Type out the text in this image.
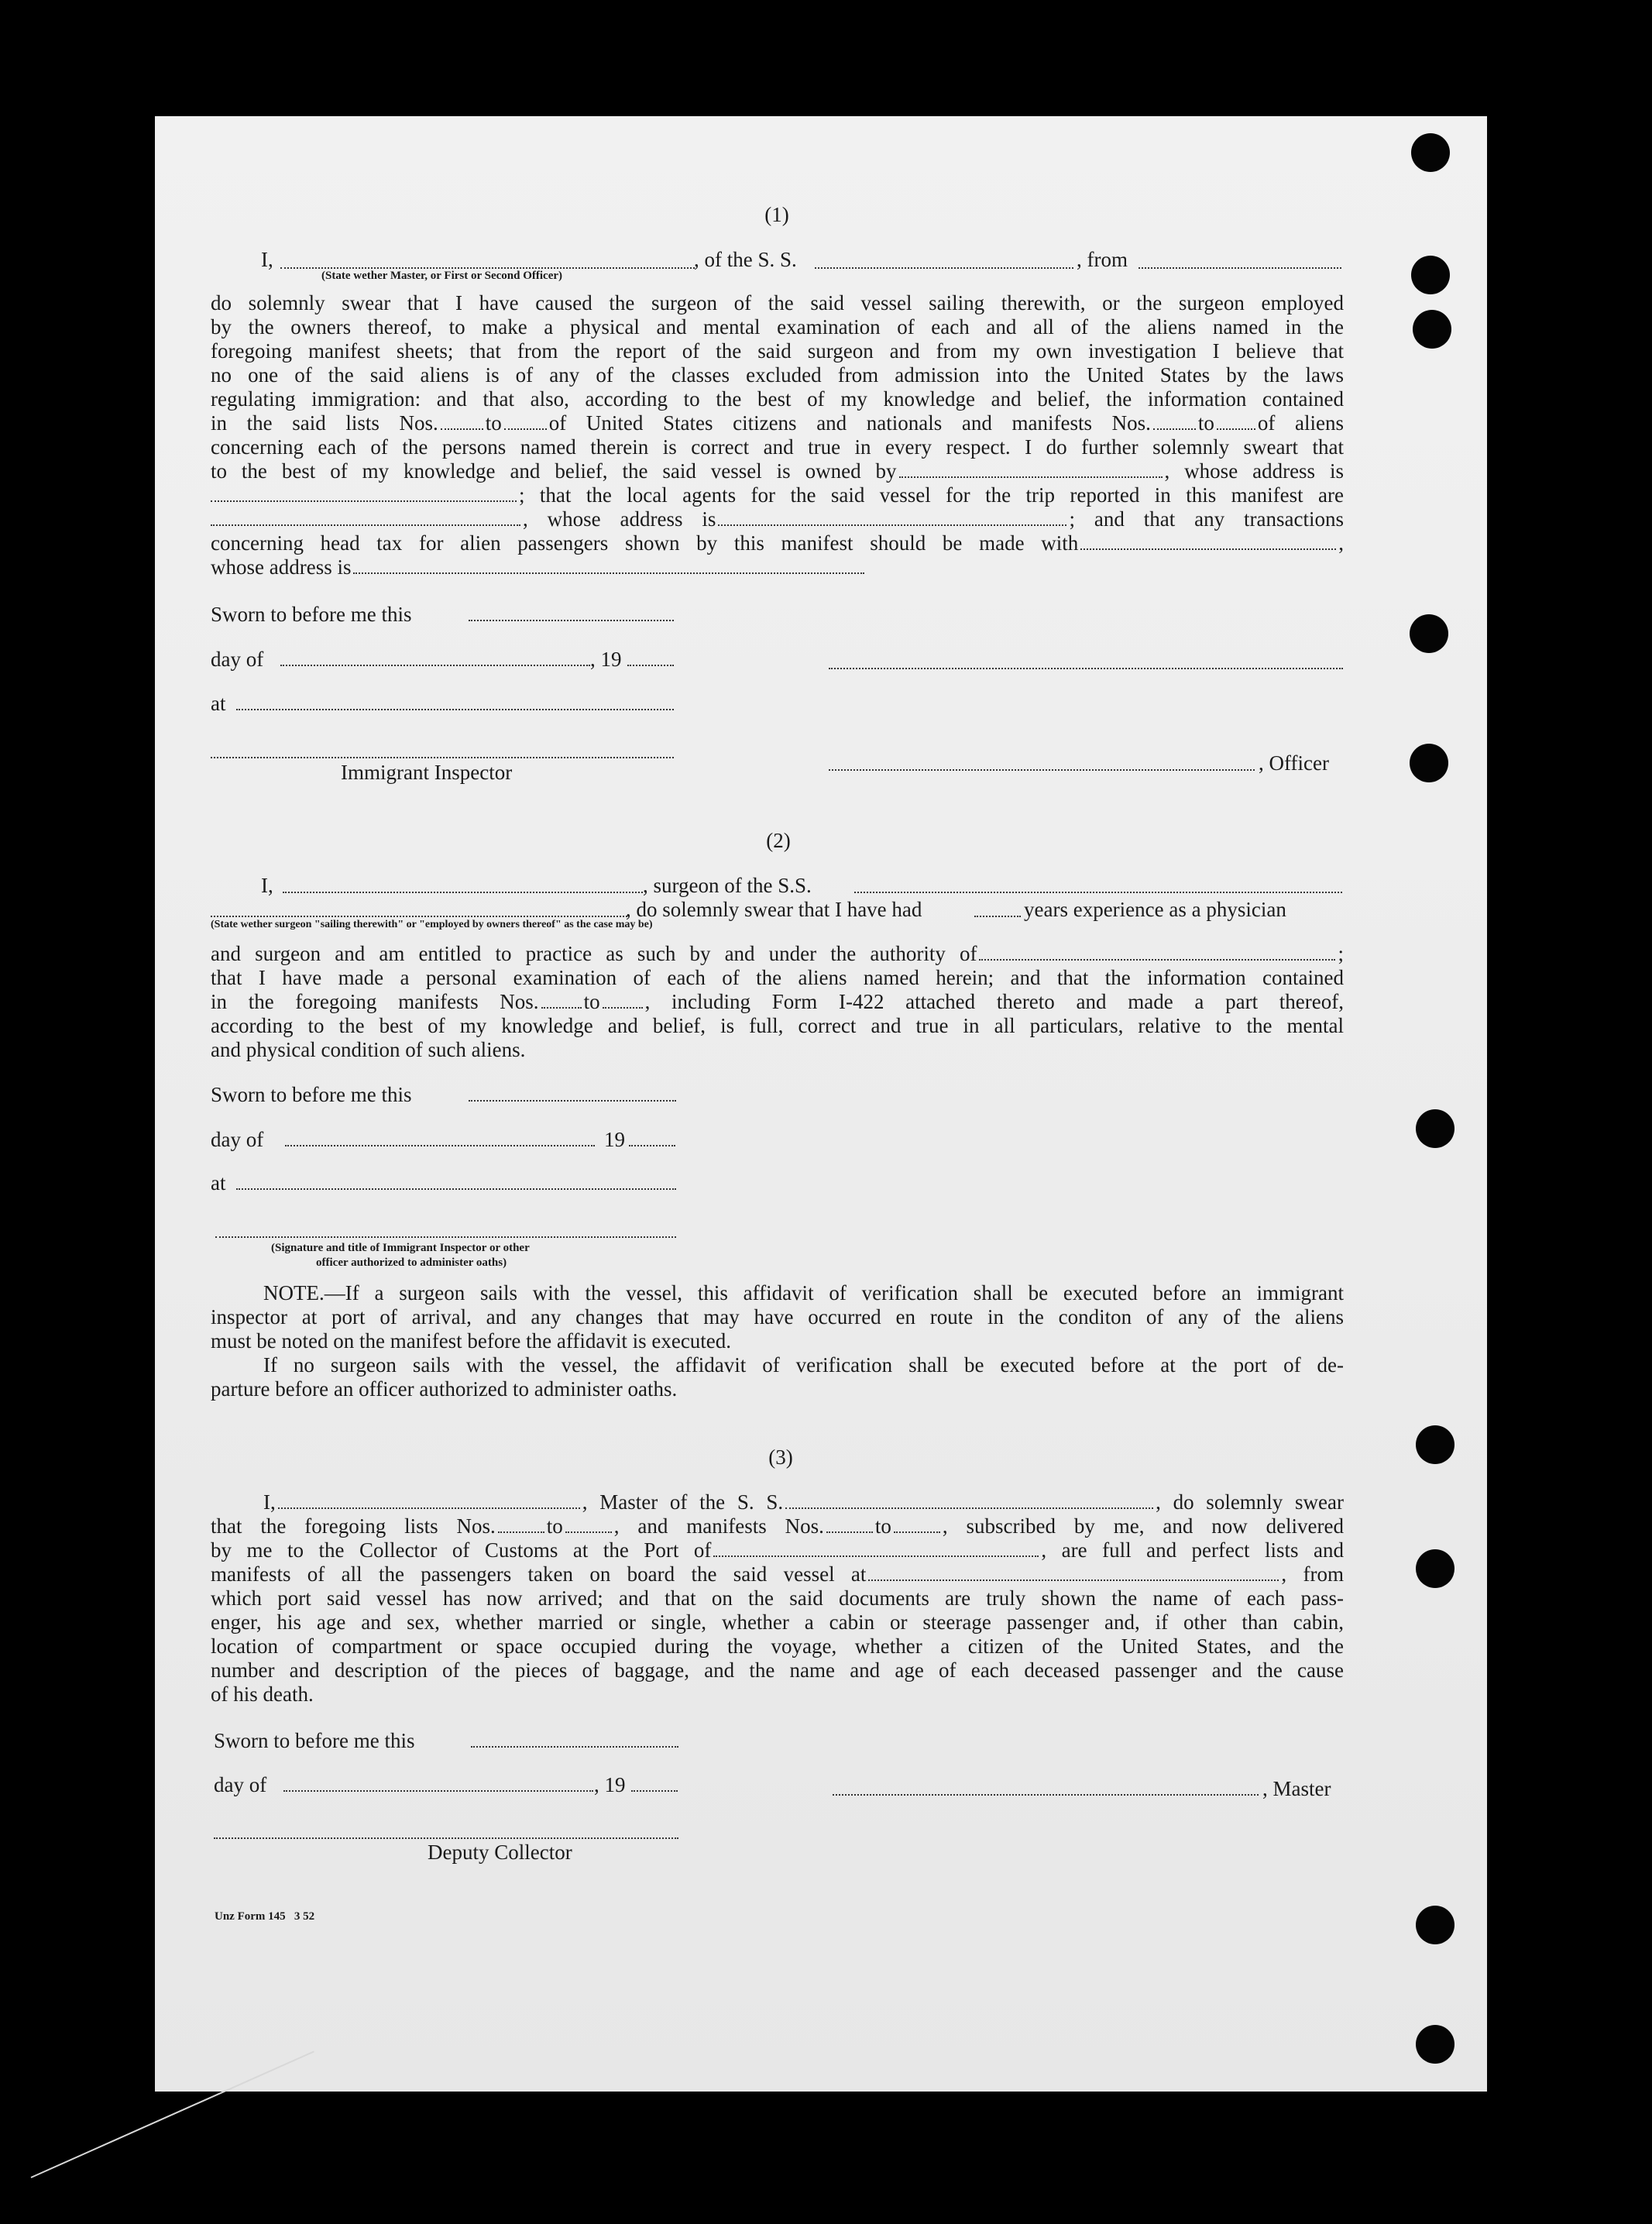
(1)
I,	, of the S. S.	, from
(State wether Master, or First or Second Officer)

do solemnly swear that I have caused the surgeon of the said vessel sailing therewith, or the surgeon employed

by the owners thereof, to make a physical and mental examination of each and all of the aliens named in the

foregoing manifest sheets; that from the report of the said surgeon and from my own investigation I believe that

no one of the said aliens is of any of the classes excluded from admission into the United States by the laws

regulating immigration: and that also, according to the best of my knowledge and belief, the information contained

in the said lists Nos. to of United States citizens and nationals and manifests Nos. to of aliens

concerning each of the persons named therein is correct and true in every respect. I do further solemnly sweart that

to the best of my knowledge and belief, the said vessel is owned by	, whose address is

; that the local agents for the said vessel for the trip reported in this manifest are

, whose address is	; and that any transactions

concerning head tax for alien passengers shown by this manifest should be made with	,

whose address is

Sworn to before me this
day of	, 19
at
Immigrant Inspector	, Officer
(2)
I,	, surgeon of the S.S.
, do solemnly swear that I have had	years experience as a physician
(State wether surgeon "sailing therewith" or "employed by owners thereof" as the case may be)

and surgeon and am entitled to practice as such by and under the authority of	;

that I have made a personal examination of each of the aliens named herein; and that the information contained

in the foregoing manifests Nos. to , including Form I-422 attached thereto and made a part thereof,

according to the best of my knowledge and belief, is full, correct and true in all particulars, relative to the mental

and physical condition of such aliens.

Sworn to before me this
day of	19
at
(Signature and title of Immigrant Inspector or other
officer authorized to administer oaths)

NOTE.—If a surgeon sails with the vessel, this affidavit of verification shall be executed before an immigrant

inspector at port of arrival, and any changes that may have occurred en route in the conditon of any of the aliens

must be noted on the manifest before the affidavit is executed.

If no surgeon sails with the vessel, the affidavit of verification shall be executed before at the port of de-

parture before an officer authorized to administer oaths.

(3)

I,	, Master of the S. S.	, do solemnly swear

that the foregoing lists Nos. to , and manifests Nos. to , subscribed by me, and now delivered

by me to the Collector of Customs at the Port of	, are full and perfect lists and

manifests of all the passengers taken on board the said vessel at	, from

which port said vessel has now arrived; and that on the said documents are truly shown the name of each pass-

enger, his age and sex, whether married or single, whether a cabin or steerage passenger and, if other than cabin,

location of compartment or space occupied during the voyage, whether a citizen of the United States, and the

number and description of the pieces of baggage, and the name and age of each deceased passenger and the cause

of his death.

Sworn to before me this
day of	, 19	, Master
Deputy Collector
Unz Form 145   3 52
